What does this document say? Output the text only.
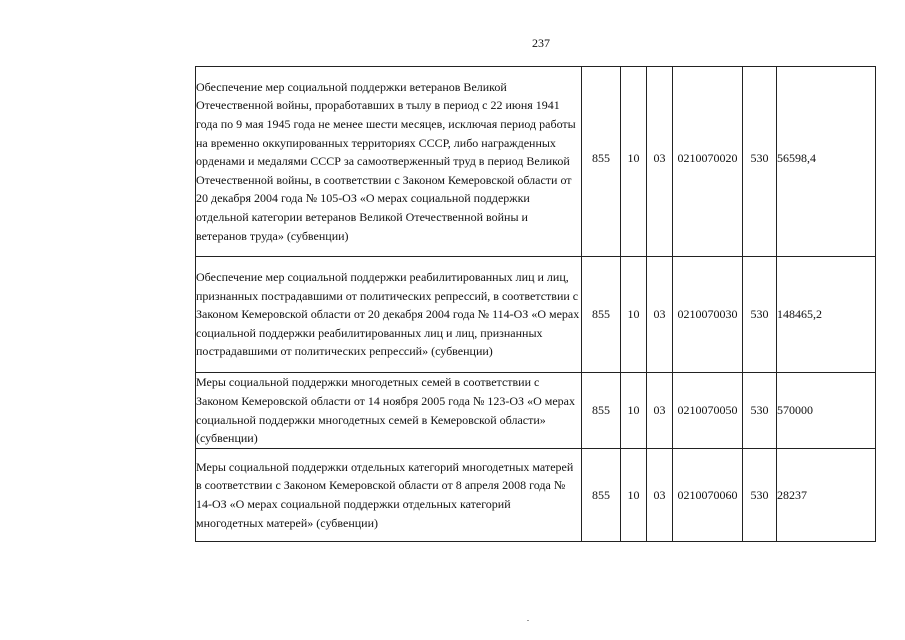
237
Обеспечение мер социальной поддержки ветеранов Великой Отечественной войны, проработавших в тылу в период с 22 июня 1941 года по 9 мая 1945 года не менее шести месяцев, исключая период работы на временно оккупированных территориях СССР, либо награжденных орденами и медалями СССР за самоотверженный труд в период Великой Отечественной войны, в соответствии с Законом Кемеровской области от 20 декабря 2004 года № 105-ОЗ «О мерах социальной поддержки отдельной категории ветеранов Великой Отечественной войны и ветеранов труда» (субвенции)	855	10	03	0210070020	530	56598,4
Обеспечение мер социальной поддержки реабилитированных лиц и лиц, признанных пострадавшими от политических репрессий, в соответствии с Законом Кемеровской области от 20 декабря 2004 года № 114-ОЗ «О мерах социальной поддержки реабилитированных лиц и лиц, признанных пострадавшими от политических репрессий» (субвенции)	855	10	03	0210070030	530	148465,2
Меры социальной поддержки многодетных семей в соответствии с Законом Кемеровской области от 14 ноября 2005 года № 123-ОЗ «О мерах социальной поддержки многодетных семей в Кемеровской области» (субвенции)	855	10	03	0210070050	530	570000
Меры социальной поддержки отдельных категорий многодетных матерей в соответствии с Законом Кемеровской области от 8 апреля 2008 года № 14-ОЗ «О мерах социальной поддержки отдельных категорий многодетных матерей» (субвенции)	855	10	03	0210070060	530	28237
